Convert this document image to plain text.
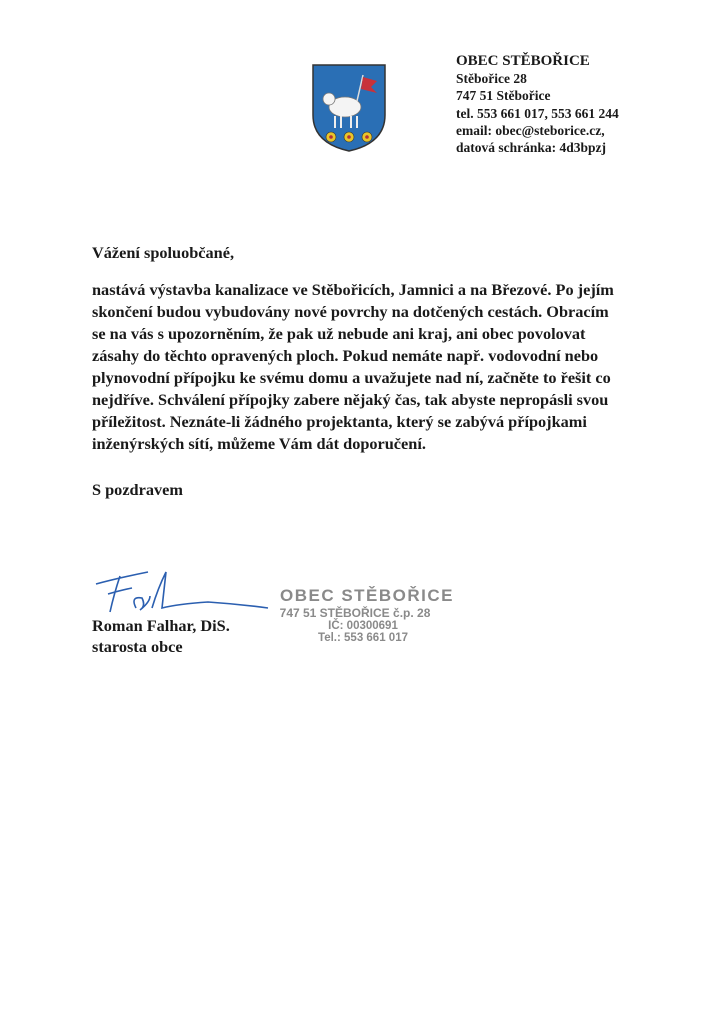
OBEC STĚBOŘICE
Stěbořice 28
747 51 Stěbořice
tel. 553 661 017, 553 661 244
email: obec@steborice.cz,
datová schránka: 4d3bpzj
Vážení spoluobčané,
nastává výstavba kanalizace ve Stěbořicích, Jamnici a na Březové. Po jejím
skončení budou vybudovány nové povrchy na dotčených cestách. Obracím
se na vás s upozorněním, že pak už nebude ani kraj, ani obec povolovat
zásahy do těchto opravených ploch. Pokud nemáte např. vodovodní nebo
plynovodní přípojku ke svému domu a uvažujete nad ní, začněte to řešit co
nejdříve. Schválení přípojky zabere nějaký čas, tak abyste nepropásli svou
příležitost. Neznáte-li žádného projektanta, který se zabývá přípojkami
inženýrských sítí, můžeme Vám dát doporučení.
S pozdravem
Roman Falhar, DiS.
starosta obce
OBEC STĚBOŘICE
747 51 STĚBOŘICE č.p. 28
IČ: 00300691
Tel.: 553 661 017
